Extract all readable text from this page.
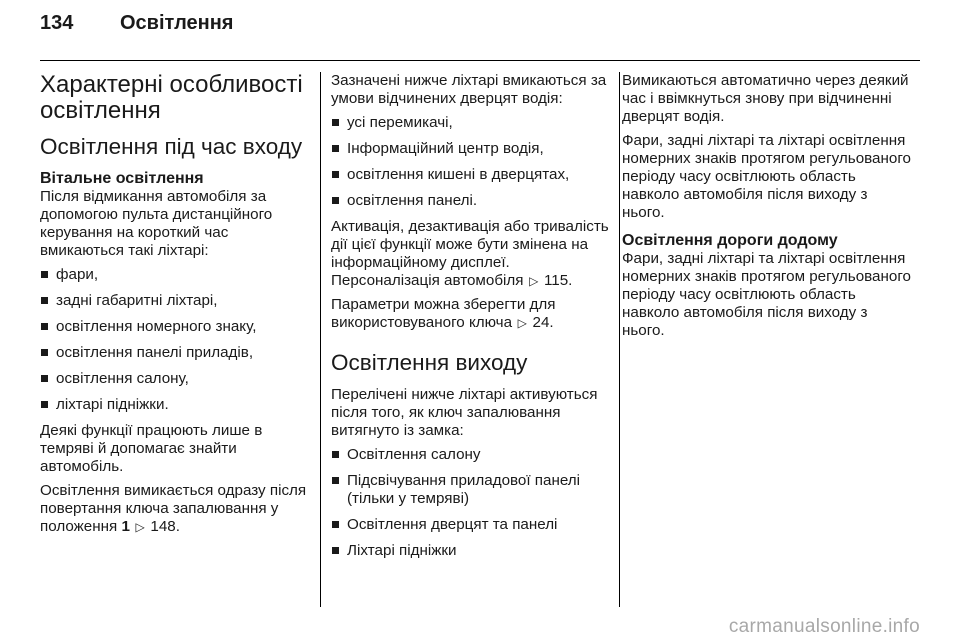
134	Освітлення
Характерні особливості освітлення
Освітлення під час входу
Вітальне освітлення

Після відмикання автомобіля за допомогою пульта дистанційного керування на короткий час вмикаються такі ліхтарі:

фари,
задні габаритні ліхтарі,
освітлення номерного знаку,
освітлення панелі приладів,
освітлення салону,
ліхтарі підніжки.

Деякі функції працюють лише в темряві й допомагає знайти автомобіль.

Освітлення вимикається одразу після повертання ключа запалювання у положення 1 ▷ 148.

Зазначені нижче ліхтарі вмикаються за умови відчинених дверцят водія:

усі перемикачі,
Інформаційний центр водія,
освітлення кишені в дверцятах,
освітлення панелі.

Активація, дезактивація або тривалість дії цієї функції може бути змінена на інформаційному дисплеї. Персоналізація автомобіля ▷ 115.

Параметри можна зберегти для використовуваного ключа ▷ 24.

Освітлення виходу

Перелічені нижче ліхтарі активуються після того, як ключ запалювання витягнуто із замка:

Освітлення салону
Підсвічування приладової панелі (тільки у темряві)
Освітлення дверцят та панелі
Ліхтарі підніжки

Вимикаються автоматично через деякий час і ввімкнуться знову при відчиненні дверцят водія.

Фари, задні ліхтарі та ліхтарі освітлення номерних знаків протягом регульованого періоду часу освітлюють область навколо автомобіля після виходу з нього.

Освітлення дороги додому

Фари, задні ліхтарі та ліхтарі освітлення номерних знаків протягом регульованого періоду часу освітлюють область навколо автомобіля після виходу з нього.

carmanualsonline.info
